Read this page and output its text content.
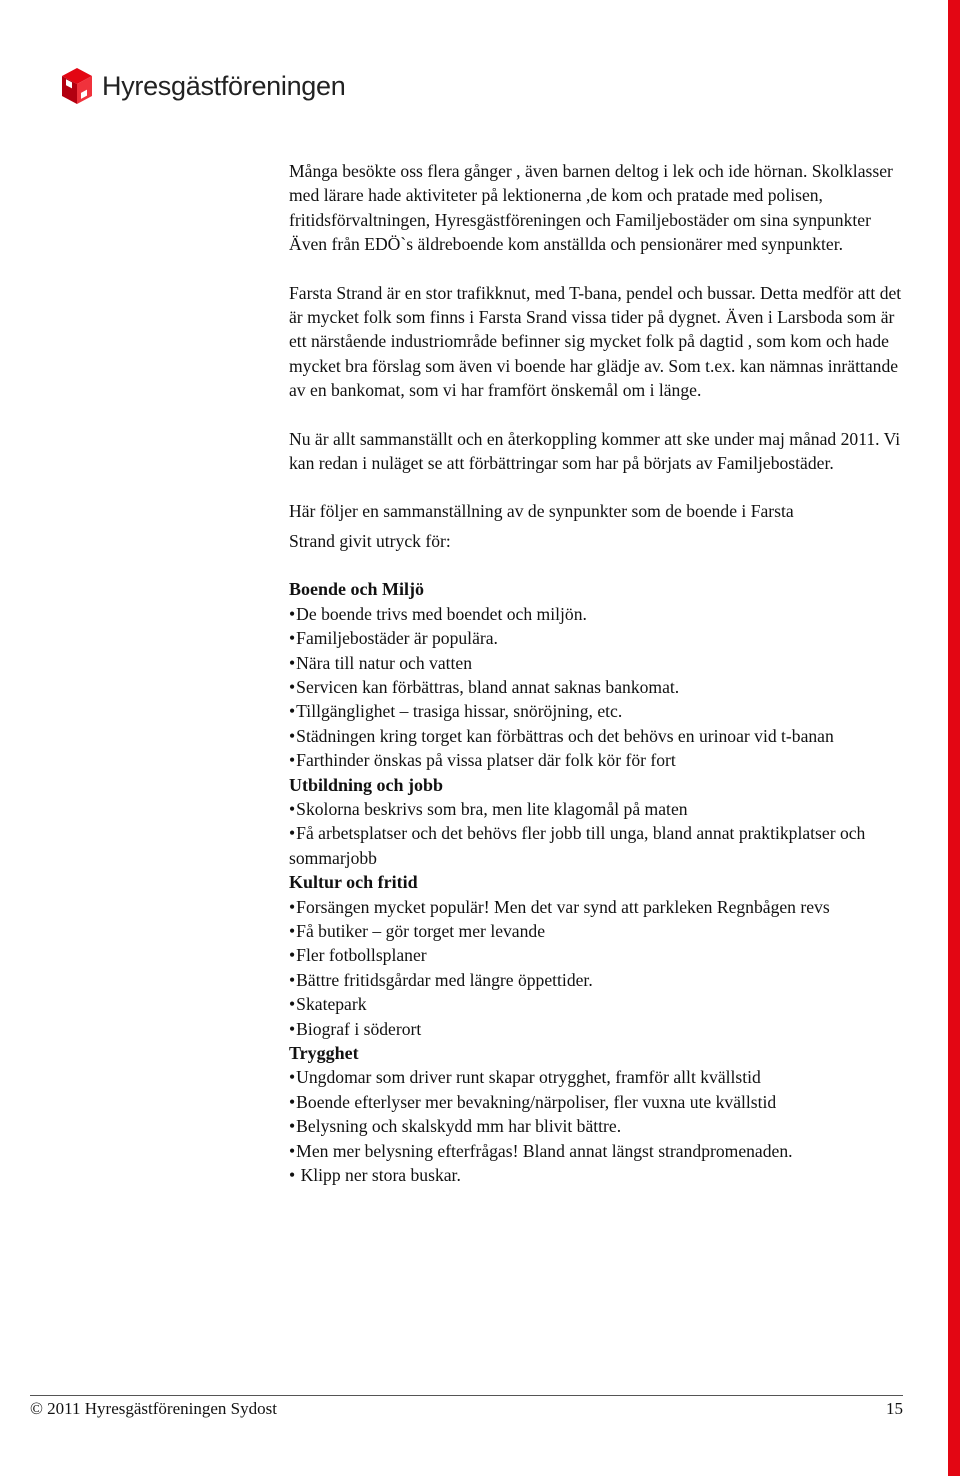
Hyresgästföreningen

Många besökte oss flera gånger , även barnen deltog i lek och ide hörnan. Skolklasser med lärare hade aktiviteter på lektionerna ,de kom och pratade med polisen, fritidsförvaltningen, Hyresgästföreningen och Familjebostäder om sina synpunkter Även från EDÖ`s äldreboende kom anställda och pensionärer med synpunkter.

Farsta Strand är en stor trafikknut, med T-bana, pendel och bussar. Detta medför att det är mycket folk som finns i Farsta Srand vissa tider på dygnet. Även i Larsboda som är ett närstående industriområde befinner sig mycket folk på dagtid , som kom och hade mycket bra förslag som även vi boende har glädje av. Som t.ex. kan nämnas inrättande av en bankomat, som vi har framfört önskemål om i länge.

Nu är allt sammanställt och en återkoppling kommer att ske under maj månad 2011. Vi kan redan i nuläget se att förbättringar som har på börjats av Familjebostäder.

Här följer en sammanställning av de synpunkter som de boende i Farsta

Strand givit utryck för:

Boende och Miljö
•De boende trivs med boendet och miljön.
•Familjebostäder är populära.
•Nära till natur och vatten
•Servicen kan förbättras, bland annat saknas bankomat.
•Tillgänglighet – trasiga hissar, snöröjning, etc.
•Städningen kring torget kan förbättras och det behövs en urinoar vid t-banan
•Farthinder önskas på vissa platser där folk kör för fort
Utbildning och jobb
•Skolorna beskrivs som bra, men lite klagomål på maten
•Få arbetsplatser och det behövs fler jobb till unga, bland annat praktikplatser och sommarjobb
Kultur och fritid
•Forsängen mycket populär! Men det var synd att parkleken Regnbågen revs
•Få butiker – gör torget mer levande
•Fler fotbollsplaner
•Bättre fritidsgårdar med längre öppettider.
•Skatepark
•Biograf i söderort
Trygghet
•Ungdomar som driver runt skapar otrygghet, framför allt kvällstid
•Boende efterlyser mer bevakning/närpoliser, fler vuxna ute kvällstid
•Belysning och skalskydd mm har blivit bättre.
•Men mer belysning efterfrågas! Bland annat längst strandpromenaden.
• Klipp ner stora buskar.
© 2011 Hyresgästföreningen Sydost	15
